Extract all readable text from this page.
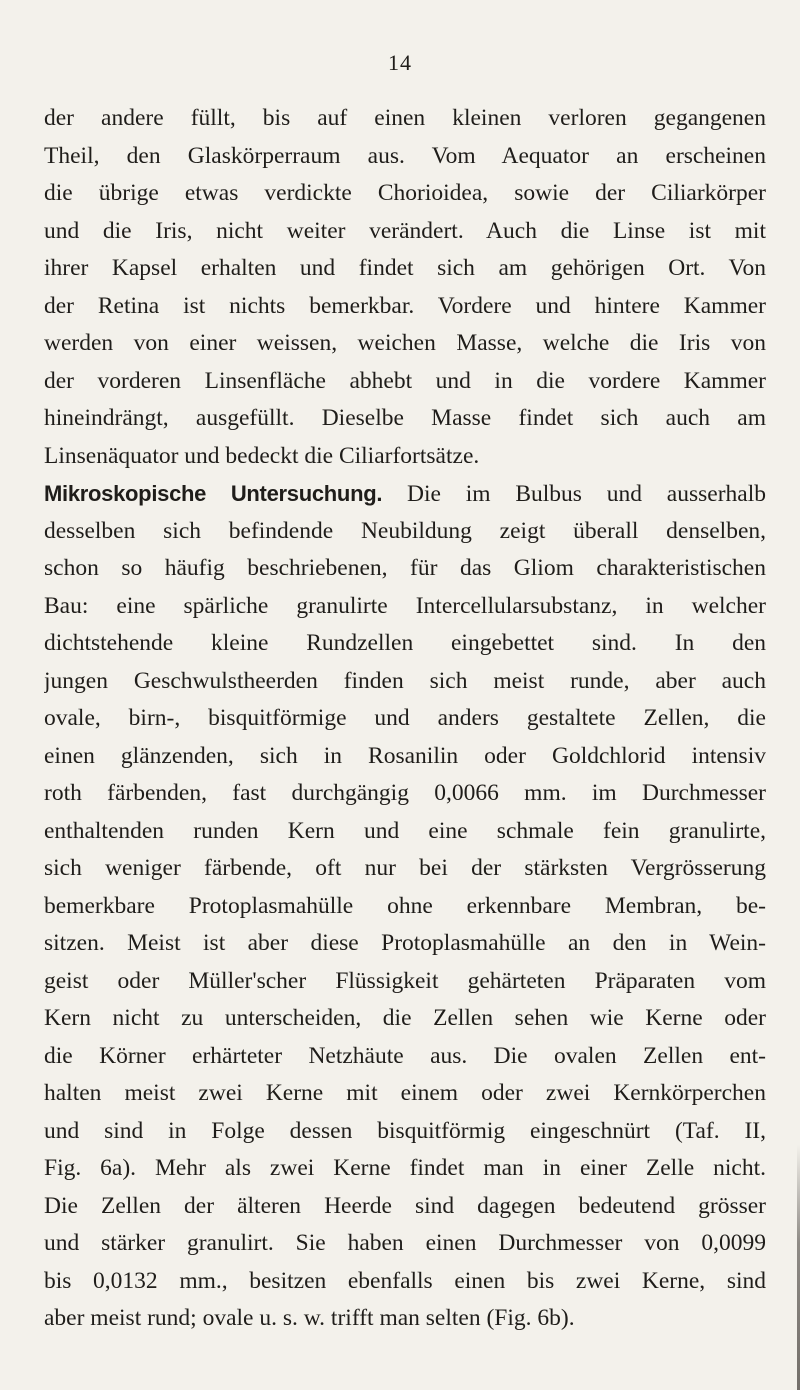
14
der andere füllt, bis auf einen kleinen verloren gegangenen
Theil, den Glaskörperraum aus. Vom Aequator an erscheinen
die übrige etwas verdickte Chorioidea, sowie der Ciliarkörper
und die Iris, nicht weiter verändert. Auch die Linse ist mit
ihrer Kapsel erhalten und findet sich am gehörigen Ort. Von
der Retina ist nichts bemerkbar. Vordere und hintere Kammer
werden von einer weissen, weichen Masse, welche die Iris von
der vorderen Linsenfläche abhebt und in die vordere Kammer
hineindrängt, ausgefüllt. Dieselbe Masse findet sich auch am
Linsenäquator und bedeckt die Ciliarfortsätze.
Mikroskopische Untersuchung. Die im Bulbus und ausserhalb
desselben sich befindende Neubildung zeigt überall denselben,
schon so häufig beschriebenen, für das Gliom charakteristischen
Bau: eine spärliche granulirte Intercellularsubstanz, in welcher
dichtstehende kleine Rundzellen eingebettet sind. In den
jungen Geschwulstheerden finden sich meist runde, aber auch
ovale, birn-, bisquitförmige und anders gestaltete Zellen, die
einen glänzenden, sich in Rosanilin oder Goldchlorid intensiv
roth färbenden, fast durchgängig 0,0066 mm. im Durchmesser
enthaltenden runden Kern und eine schmale fein granulirte,
sich weniger färbende, oft nur bei der stärksten Vergrösserung
bemerkbare Protoplasmahülle ohne erkennbare Membran, be-
sitzen. Meist ist aber diese Protoplasmahülle an den in Wein-
geist oder Müller'scher Flüssigkeit gehärteten Präparaten vom
Kern nicht zu unterscheiden, die Zellen sehen wie Kerne oder
die Körner erhärteter Netzhäute aus. Die ovalen Zellen ent-
halten meist zwei Kerne mit einem oder zwei Kernkörperchen
und sind in Folge dessen bisquitförmig eingeschnürt (Taf. II,
Fig. 6a). Mehr als zwei Kerne findet man in einer Zelle nicht.
Die Zellen der älteren Heerde sind dagegen bedeutend grösser
und stärker granulirt. Sie haben einen Durchmesser von 0,0099
bis 0,0132 mm., besitzen ebenfalls einen bis zwei Kerne, sind
aber meist rund; ovale u. s. w. trifft man selten (Fig. 6b).
